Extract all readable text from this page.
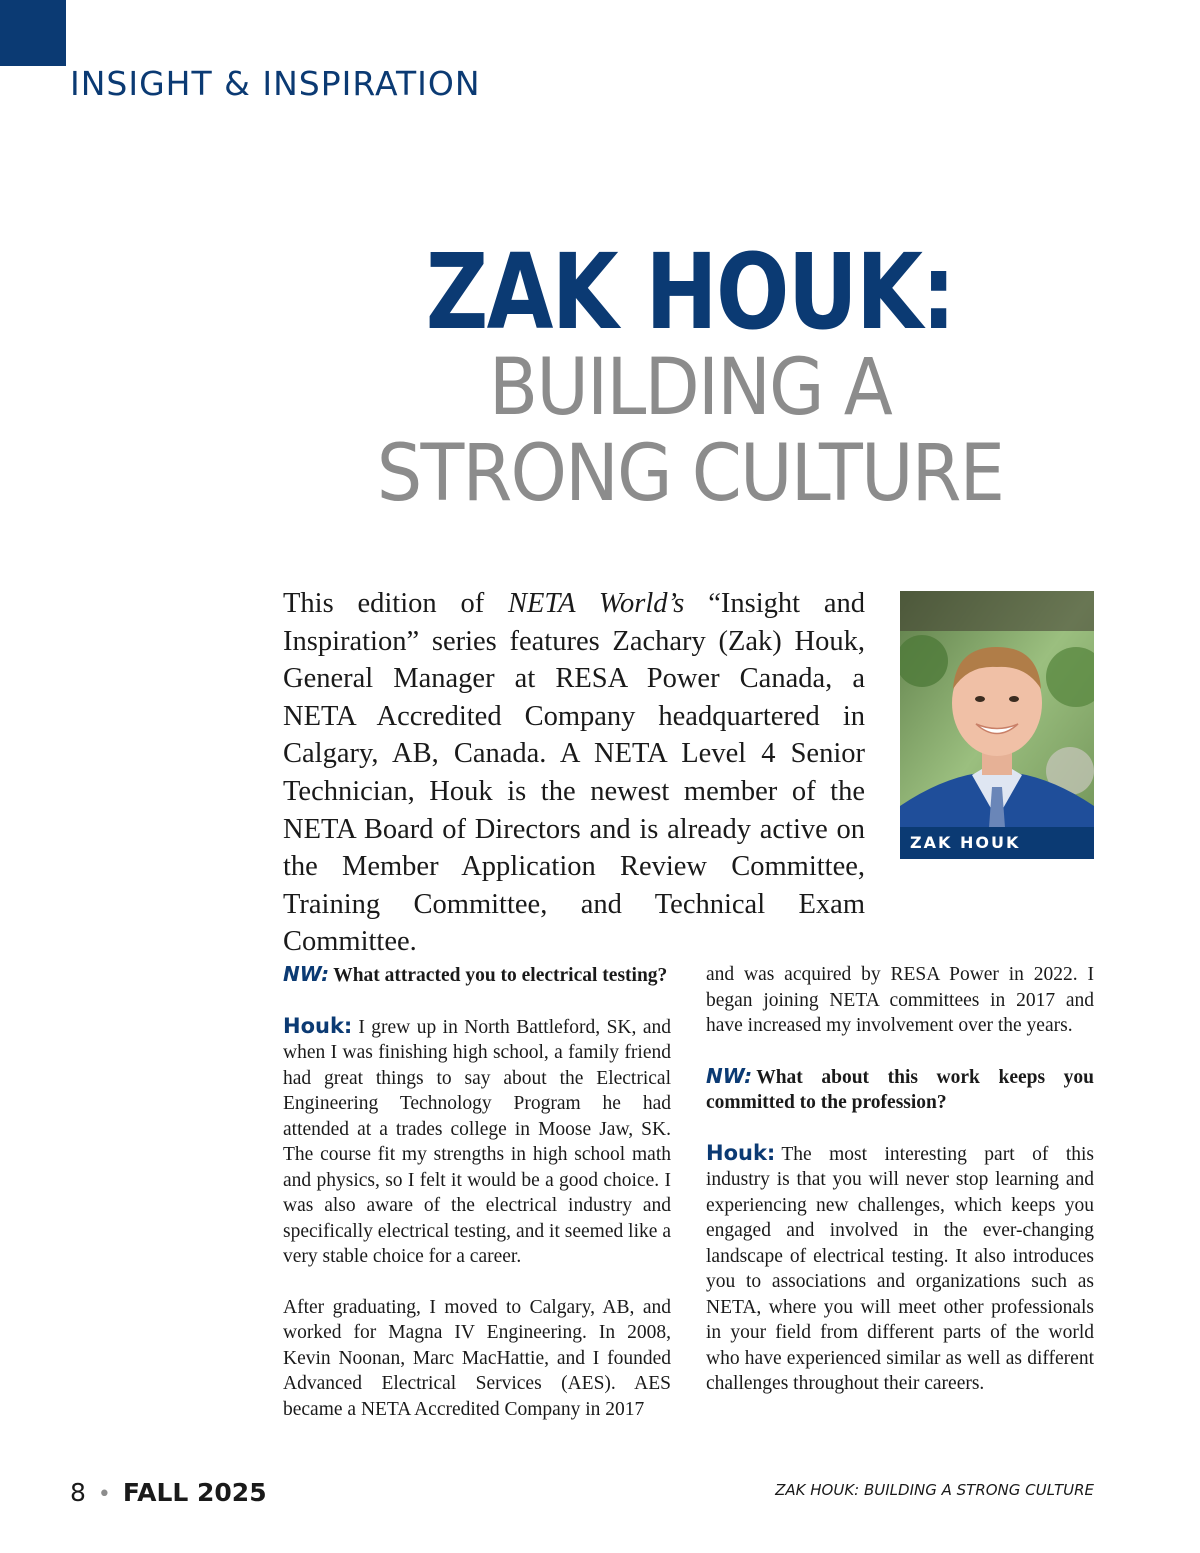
INSIGHT & INSPIRATION
ZAK HOUK:
BUILDING A
STRONG CULTURE

This edition of NETA World’s “Insight and Inspiration” series features Zachary (Zak) Houk, General Manager at RESA Power Canada, a NETA Accredited Company headquartered in Calgary, AB, Canada. A NETA Level 4 Senior Technician, Houk is the newest member of the NETA Board of Directors and is already active on the Member Application Review Committee, Training Committee, and Technical Exam Committee.

ZAK HOUK

NW: What attracted you to electrical testing?

Houk: I grew up in North Battleford, SK, and when I was finishing high school, a family friend had great things to say about the Electrical Engineering Technology Program he had attended at a trades college in Moose Jaw, SK. The course fit my strengths in high school math and physics, so I felt it would be a good choice. I was also aware of the electrical industry and specifically electrical testing, and it seemed like a very stable choice for a career.

After graduating, I moved to Calgary, AB, and worked for Magna IV Engineering. In 2008, Kevin Noonan, Marc MacHattie, and I founded Advanced Electrical Services (AES). AES became a NETA Accredited Company in 2017

and was acquired by RESA Power in 2022. I began joining NETA committees in 2017 and have increased my involvement over the years.

NW: What about this work keeps you committed to the profession?

Houk: The most interesting part of this industry is that you will never stop learning and experiencing new challenges, which keeps you engaged and involved in the ever-changing landscape of electrical testing. It also introduces you to associations and organizations such as NETA, where you will meet other professionals in your field from different parts of the world who have experienced similar as well as different challenges throughout their careers.

8 • FALL 2025	ZAK HOUK: BUILDING A STRONG CULTURE
